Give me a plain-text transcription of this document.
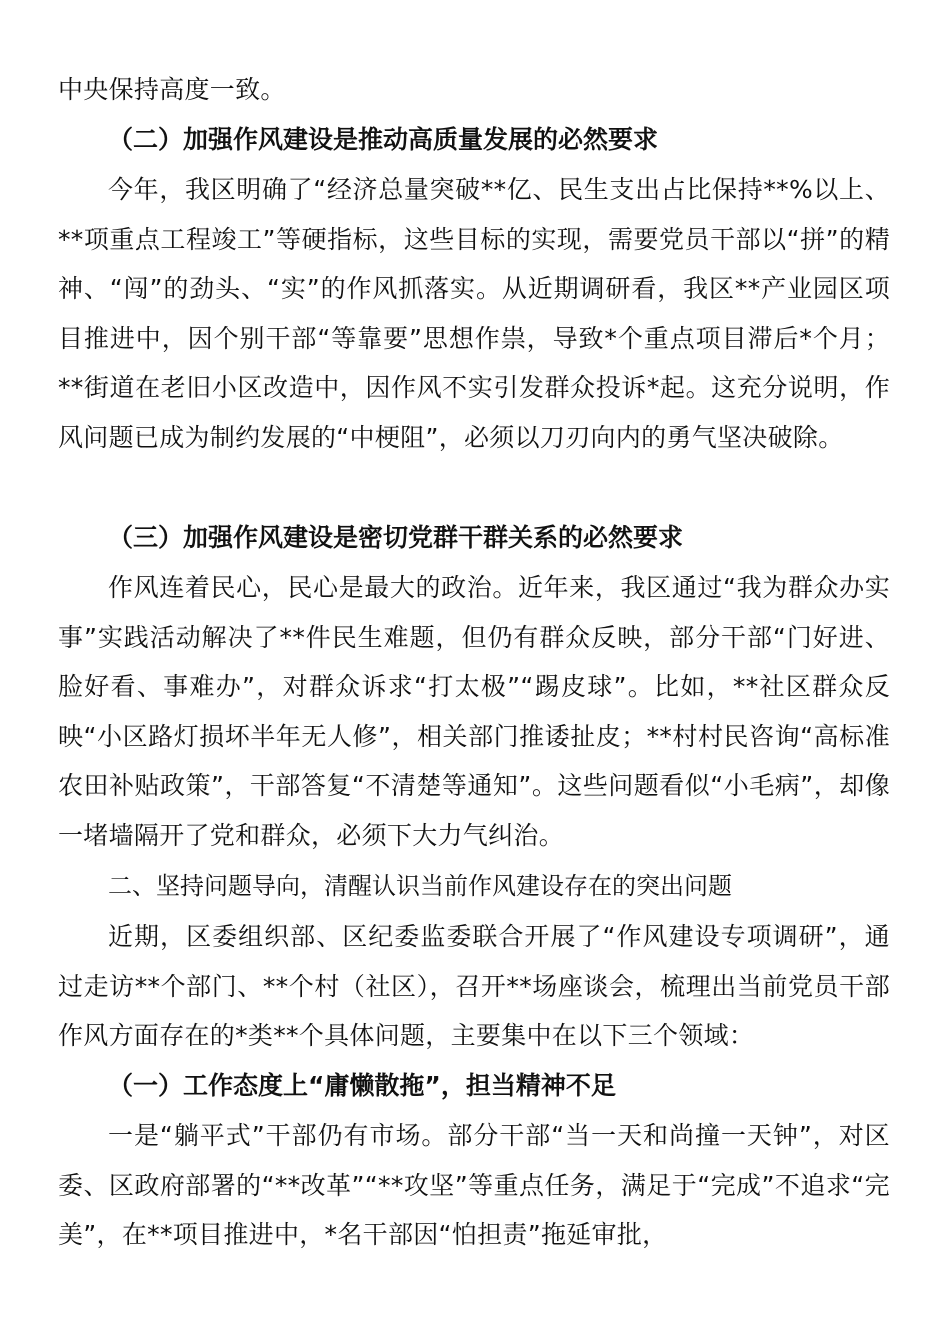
中央保持高度一致。

（二）加强作风建设是推动高质量发展的必然要求

今年，我区明确了“经济总量突破**亿、民生支出占比保持**%以上、**项重点工程竣工”等硬指标，这些目标的实现，需要党员干部以“拼”的精神、“闯”的劲头、“实”的作风抓落实。从近期调研看，我区**产业园区项目推进中，因个别干部“等靠要”思想作祟，导致*个重点项目滞后*个月；**街道在老旧小区改造中，因作风不实引发群众投诉*起。这充分说明，作风问题已成为制约发展的“中梗阻”，必须以刀刃向内的勇气坚决破除。

（三）加强作风建设是密切党群干群关系的必然要求

作风连着民心，民心是最大的政治。近年来，我区通过“我为群众办实事”实践活动解决了**件民生难题，但仍有群众反映，部分干部“门好进、脸好看、事难办”，对群众诉求“打太极”“踢皮球”。比如，**社区群众反映“小区路灯损坏半年无人修”，相关部门推诿扯皮；**村村民咨询“高标准农田补贴政策”，干部答复“不清楚等通知”。这些问题看似“小毛病”，却像一堵墙隔开了党和群众，必须下大力气纠治。

二、坚持问题导向，清醒认识当前作风建设存在的突出问题

近期，区委组织部、区纪委监委联合开展了“作风建设专项调研”，通过走访**个部门、**个村（社区），召开**场座谈会，梳理出当前党员干部作风方面存在的*类**个具体问题，主要集中在以下三个领域：

（一）工作态度上“庸懒散拖”，担当精神不足

一是“躺平式”干部仍有市场。部分干部“当一天和尚撞一天钟”，对区委、区政府部署的“**改革”“**攻坚”等重点任务，满足于“完成”不追求“完美”，在**项目推进中，*名干部因“怕担责”拖延审批，
